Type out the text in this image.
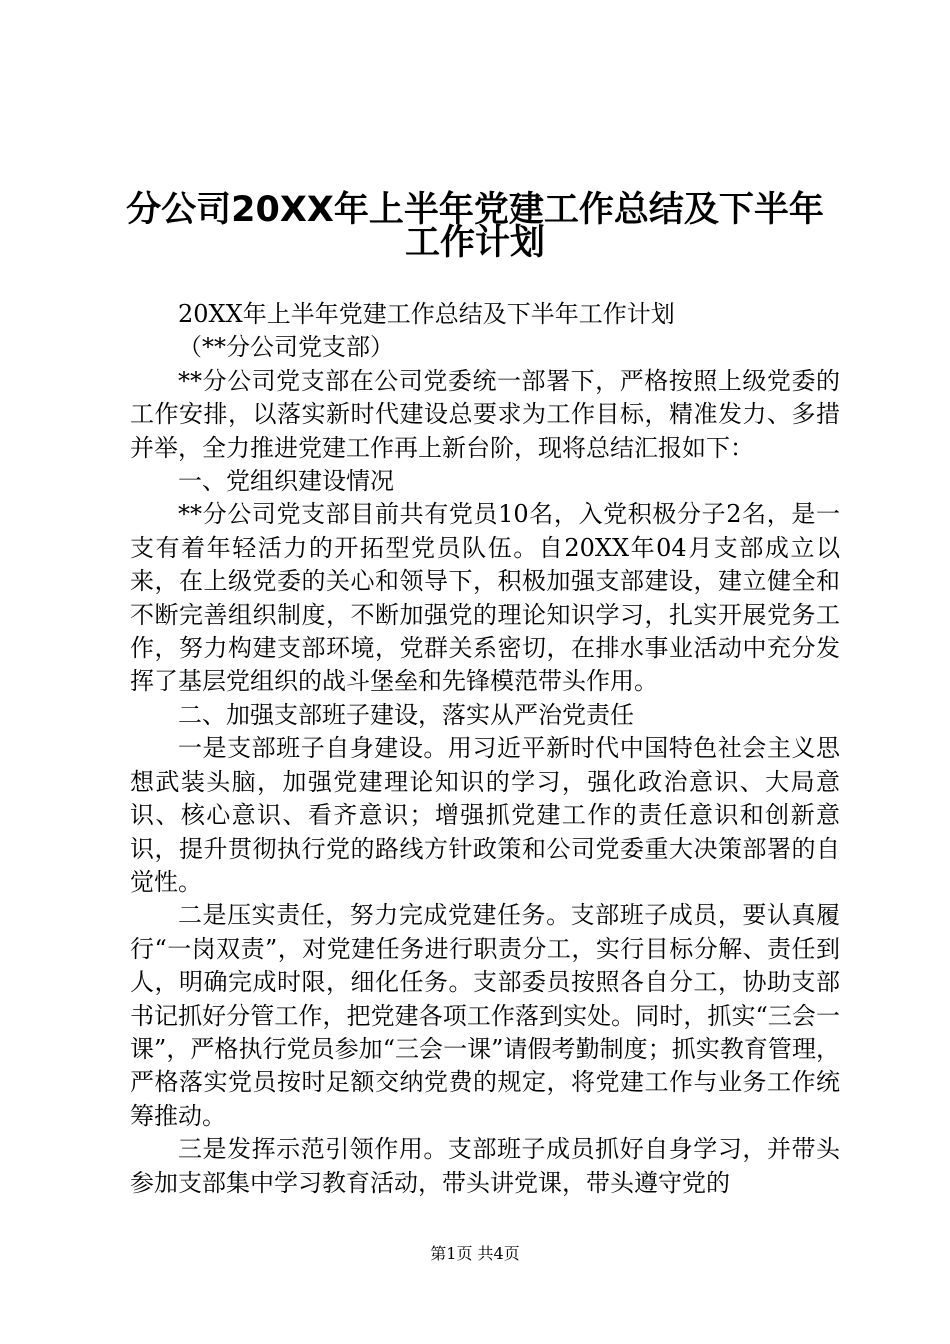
分公司20XX年上半年党建工作总结及下半年
工作计划

20XX年上半年党建工作总结及下半年工作计划

（**分公司党支部）

**分公司党支部在公司党委统一部署下，严格按照上级党委的工作安排，以落实新时代建设总要求为工作目标，精准发力、多措并举，全力推进党建工作再上新台阶，现将总结汇报如下：

一、党组织建设情况

**分公司党支部目前共有党员10名，入党积极分子2名，是一支有着年轻活力的开拓型党员队伍。自20XX年04月支部成立以来，在上级党委的关心和领导下，积极加强支部建设，建立健全和不断完善组织制度，不断加强党的理论知识学习，扎实开展党务工作，努力构建支部环境，党群关系密切，在排水事业活动中充分发挥了基层党组织的战斗堡垒和先锋模范带头作用。

二、加强支部班子建设，落实从严治党责任

一是支部班子自身建设。用习近平新时代中国特色社会主义思想武装头脑，加强党建理论知识的学习，强化政治意识、大局意识、核心意识、看齐意识；增强抓党建工作的责任意识和创新意识，提升贯彻执行党的路线方针政策和公司党委重大决策部署的自觉性。

二是压实责任，努力完成党建任务。支部班子成员，要认真履行“一岗双责”，对党建任务进行职责分工，实行目标分解、责任到人，明确完成时限，细化任务。支部委员按照各自分工，协助支部书记抓好分管工作，把党建各项工作落到实处。同时，抓实“三会一课”，严格执行党员参加“三会一课”请假考勤制度；抓实教育管理，严格落实党员按时足额交纳党费的规定，将党建工作与业务工作统筹推动。

三是发挥示范引领作用。支部班子成员抓好自身学习，并带头参加支部集中学习教育活动，带头讲党课，带头遵守党的

第1页 共4页
